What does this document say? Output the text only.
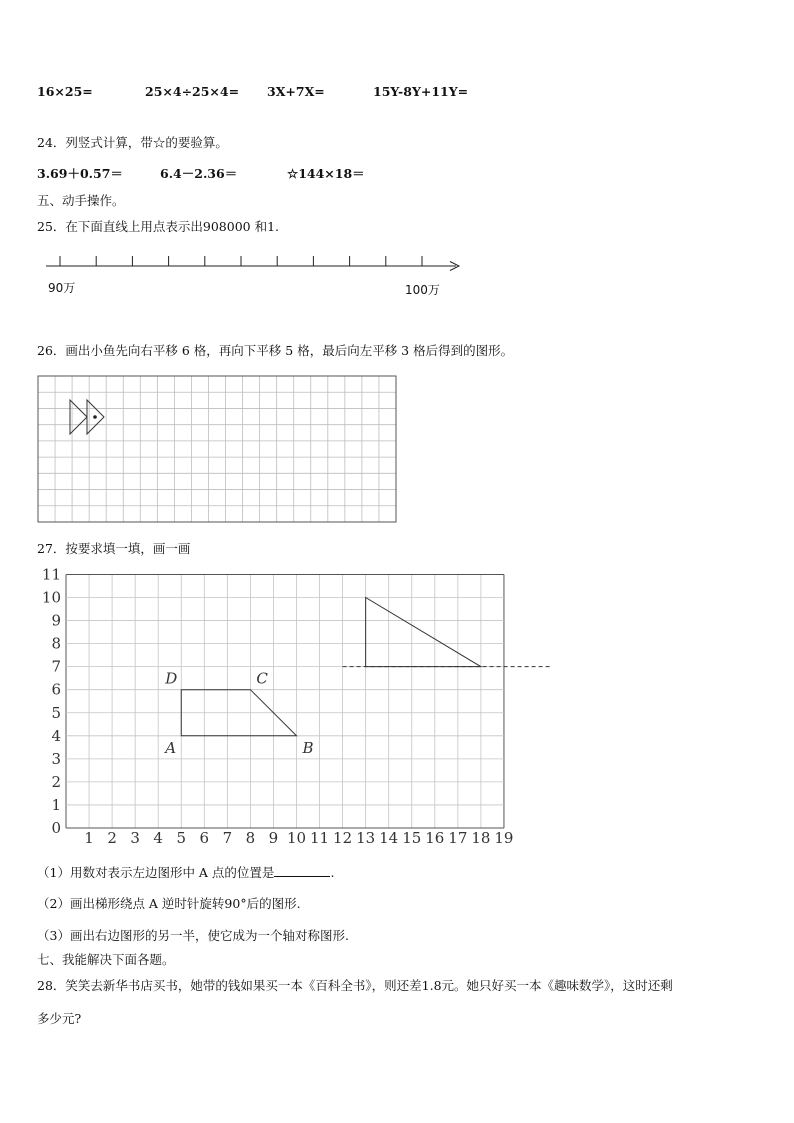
16×25=	25×4÷25×4= 3X+7X=	15Y-8Y+11Y=
24．列竖式计算，带☆的要验算。
3.69＋0.57＝	6.4－2.36＝	☆144×18＝
五、动手操作。
25．在下面直线上用点表示出908000 和1.
90万	100万
26．画出小鱼先向右平移 6 格，再向下平移 5 格，最后向左平移 3 格后得到的图形。
27．按要求填一填，画一画
1 2 3 4 5 6 7 8 9 10 11 12 13 14 15 16 17 18 19
0
1
2
3
4
5
6
7
8
9
10
11
A	B
C
D
（1）用数对表示左边图形中 A 点的位置是	.
（2）画出梯形绕点 A 逆时针旋转90°后的图形.
（3）画出右边图形的另一半，使它成为一个轴对称图形.
七、我能解决下面各题。
28．笑笑去新华书店买书，她带的钱如果买一本《百科全书》，则还差1.8元。她只好买一本《趣味数学》，这时还剩
多少元?
